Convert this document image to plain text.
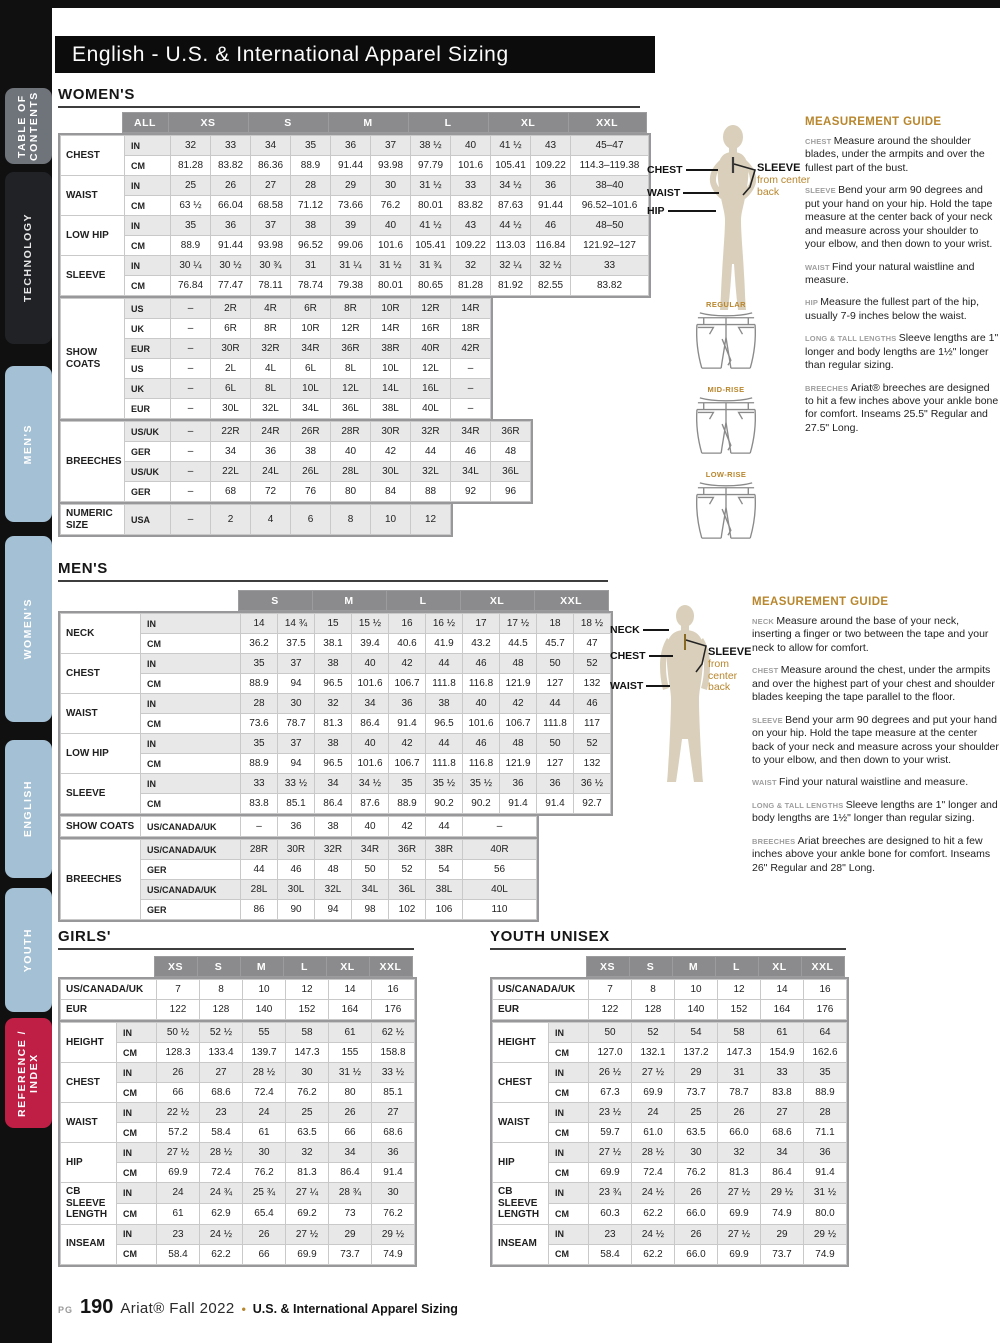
TABLE OF CONTENTS
TECHNOLOGY
MEN'S
WOMEN'S
ENGLISH
YOUTH
REFERENCE / INDEX
English - U.S. & International Apparel Sizing
WOMEN'S
	ALL	XS	S	M	L	XL	XXL
CHEST	IN	32	33	34	35	36	37	38 ½	40	41 ½	43	45–47
	CM	81.28	83.82	86.36	88.9	91.44	93.98	97.79	101.6	105.41	109.22	114.3–119.38
WAIST	IN	25	26	27	28	29	30	31 ½	33	34 ½	36	38–40
	CM	63 ½	66.04	68.58	71.12	73.66	76.2	80.01	83.82	87.63	91.44	96.52–101.6
LOW HIP	IN	35	36	37	38	39	40	41 ½	43	44 ½	46	48–50
	CM	88.9	91.44	93.98	96.52	99.06	101.6	105.41	109.22	113.03	116.84	121.92–127
SLEEVE	IN	30 ¼	30 ½	30 ¾	31	31 ¼	31 ½	31 ¾	32	32 ¼	32 ½	33
	CM	76.84	77.47	78.11	78.74	79.38	80.01	80.65	81.28	81.92	82.55	83.82
SHOW COATS	US	–	2R	4R	6R	8R	10R	12R	14R
	UK	–	6R	8R	10R	12R	14R	16R	18R
	EUR	–	30R	32R	34R	36R	38R	40R	42R
	US	–	2L	4L	6L	8L	10L	12L	–
	UK	–	6L	8L	10L	12L	14L	16L	–
	EUR	–	30L	32L	34L	36L	38L	40L	–
BREECHES	US/UK	–	22R	24R	26R	28R	30R	32R	34R	36R
	GER	–	34	36	38	40	42	44	46	48
	US/UK	–	22L	24L	26L	28L	30L	32L	34L	36L
	GER	–	68	72	76	80	84	88	92	96
NUMERIC SIZE	USA	–	2	4	6	8	10	12
CHEST
WAIST
HIP
SLEEVE
from center back
REGULAR
MID-RISE
LOW-RISE
MEASUREMENT GUIDE

CHEST Measure around the shoulder blades, under the armpits and over the fullest part of the bust.

SLEEVE Bend your arm 90 degrees and put your hand on your hip. Hold the tape measure at the center back of your neck and measure across your shoulder to your elbow, and then down to your wrist.

WAIST Find your natural waistline and measure.

HIP Measure the fullest part of the hip, usually 7-9 inches below the waist.

LONG & TALL LENGTHS Sleeve lengths are 1" longer and body lengths are 1½" longer than regular sizing.

BREECHES Ariat® breeches are designed to hit a few inches above your ankle bone for comfort. Inseams 25.5" Regular and 27.5" Long.

MEN'S
	S	M	L	XL	XXL
NECK	IN	14	14 ¾	15	15 ½	16	16 ½	17	17 ½	18	18 ½
	CM	36.2	37.5	38.1	39.4	40.6	41.9	43.2	44.5	45.7	47
CHEST	IN	35	37	38	40	42	44	46	48	50	52
	CM	88.9	94	96.5	101.6	106.7	111.8	116.8	121.9	127	132
WAIST	IN	28	30	32	34	36	38	40	42	44	46
	CM	73.6	78.7	81.3	86.4	91.4	96.5	101.6	106.7	111.8	117
LOW HIP	IN	35	37	38	40	42	44	46	48	50	52
	CM	88.9	94	96.5	101.6	106.7	111.8	116.8	121.9	127	132
SLEEVE	IN	33	33 ½	34	34 ½	35	35 ½	35 ½	36	36	36 ½
	CM	83.8	85.1	86.4	87.6	88.9	90.2	90.2	91.4	91.4	92.7
SHOW COATS	US/CANADA/UK	–	36	38	40	42	44	–
BREECHES	US/CANADA/UK	28R	30R	32R	34R	36R	38R	40R
	GER	44	46	48	50	52	54	56
	US/CANADA/UK	28L	30L	32L	34L	36L	38L	40L
	GER	86	90	94	98	102	106	110
NECK
CHEST
WAIST
SLEEVE
from center back
MEASUREMENT GUIDE

NECK Measure around the base of your neck, inserting a finger or two between the tape and your neck to allow for comfort.

CHEST Measure around the chest, under the armpits and over the highest part of your chest and shoulder blades keeping the tape parallel to the floor.

SLEEVE Bend your arm 90 degrees and put your hand on your hip. Hold the tape measure at the center back of your neck and measure across your shoulder to your elbow, and then down to your wrist.

WAIST Find your natural waistline and measure.

LONG & TALL LENGTHS Sleeve lengths are 1" longer and body lengths are 1½" longer than regular sizing.

BREECHES Ariat breeches are designed to hit a few inches above your ankle bone for comfort. Inseams 26" Regular and 28" Long.

GIRLS'
	XS	S	M	L	XL	XXL
US/CANADA/UK	7	8	10	12	14	16
EUR	122	128	140	152	164	176
HEIGHT	IN	50 ½	52 ½	55	58	61	62 ½
	CM	128.3	133.4	139.7	147.3	155	158.8
CHEST	IN	26	27	28 ½	30	31 ½	33 ½
	CM	66	68.6	72.4	76.2	80	85.1
WAIST	IN	22 ½	23	24	25	26	27
	CM	57.2	58.4	61	63.5	66	68.6
HIP	IN	27 ½	28 ½	30	32	34	36
	CM	69.9	72.4	76.2	81.3	86.4	91.4
CB SLEEVE LENGTH	IN	24	24 ¾	25 ¾	27 ¼	28 ¾	30
	CM	61	62.9	65.4	69.2	73	76.2
INSEAM	IN	23	24 ½	26	27 ½	29	29 ½
	CM	58.4	62.2	66	69.9	73.7	74.9
YOUTH UNISEX
	XS	S	M	L	XL	XXL
US/CANADA/UK	7	8	10	12	14	16
EUR	122	128	140	152	164	176
HEIGHT	IN	50	52	54	58	61	64
	CM	127.0	132.1	137.2	147.3	154.9	162.6
CHEST	IN	26 ½	27 ½	29	31	33	35
	CM	67.3	69.9	73.7	78.7	83.8	88.9
WAIST	IN	23 ½	24	25	26	27	28
	CM	59.7	61.0	63.5	66.0	68.6	71.1
HIP	IN	27 ½	28 ½	30	32	34	36
	CM	69.9	72.4	76.2	81.3	86.4	91.4
CB SLEEVE LENGTH	IN	23 ¾	24 ½	26	27 ½	29 ½	31 ½
	CM	60.3	62.2	66.0	69.9	74.9	80.0
INSEAM	IN	23	24 ½	26	27 ½	29	29 ½
	CM	58.4	62.2	66.0	69.9	73.7	74.9
PG 190 Ariat® Fall 2022 • U.S. & International Apparel Sizing
